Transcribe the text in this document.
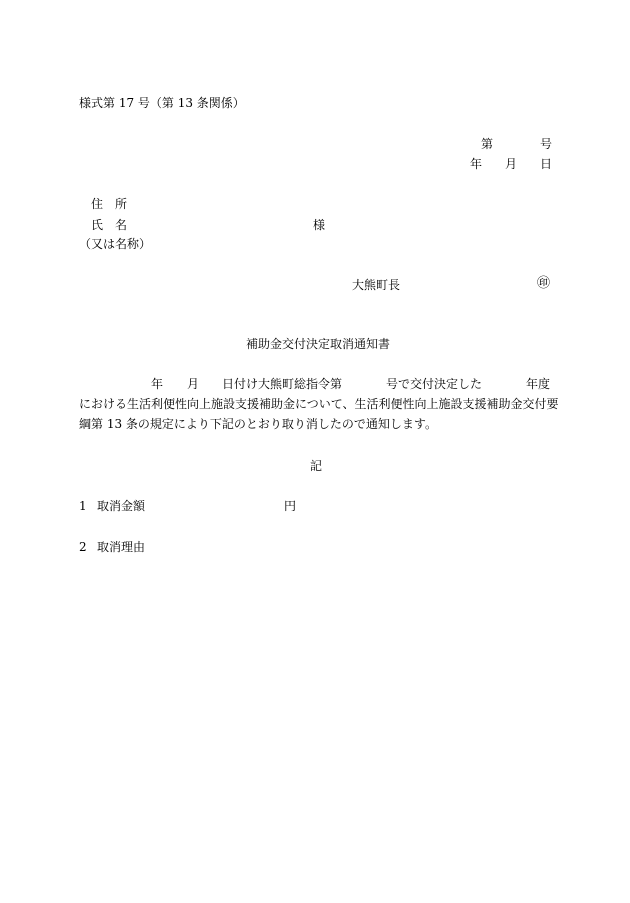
様式第 17 号（第 13 条関係）
第	号
年 月 日
住　所
氏　名	様
（又は名称）
大熊町長	㊞
補助金交付決定取消通知書
年 月 日付け大熊町総指令第	号で交付決定した	年度
における生活利便性向上施設支援補助金について、生活利便性向上施設支援補助金交付要
綱第 13 条の規定により下記のとおり取り消したので通知します。
記
1 取消金額	円
2 取消理由
